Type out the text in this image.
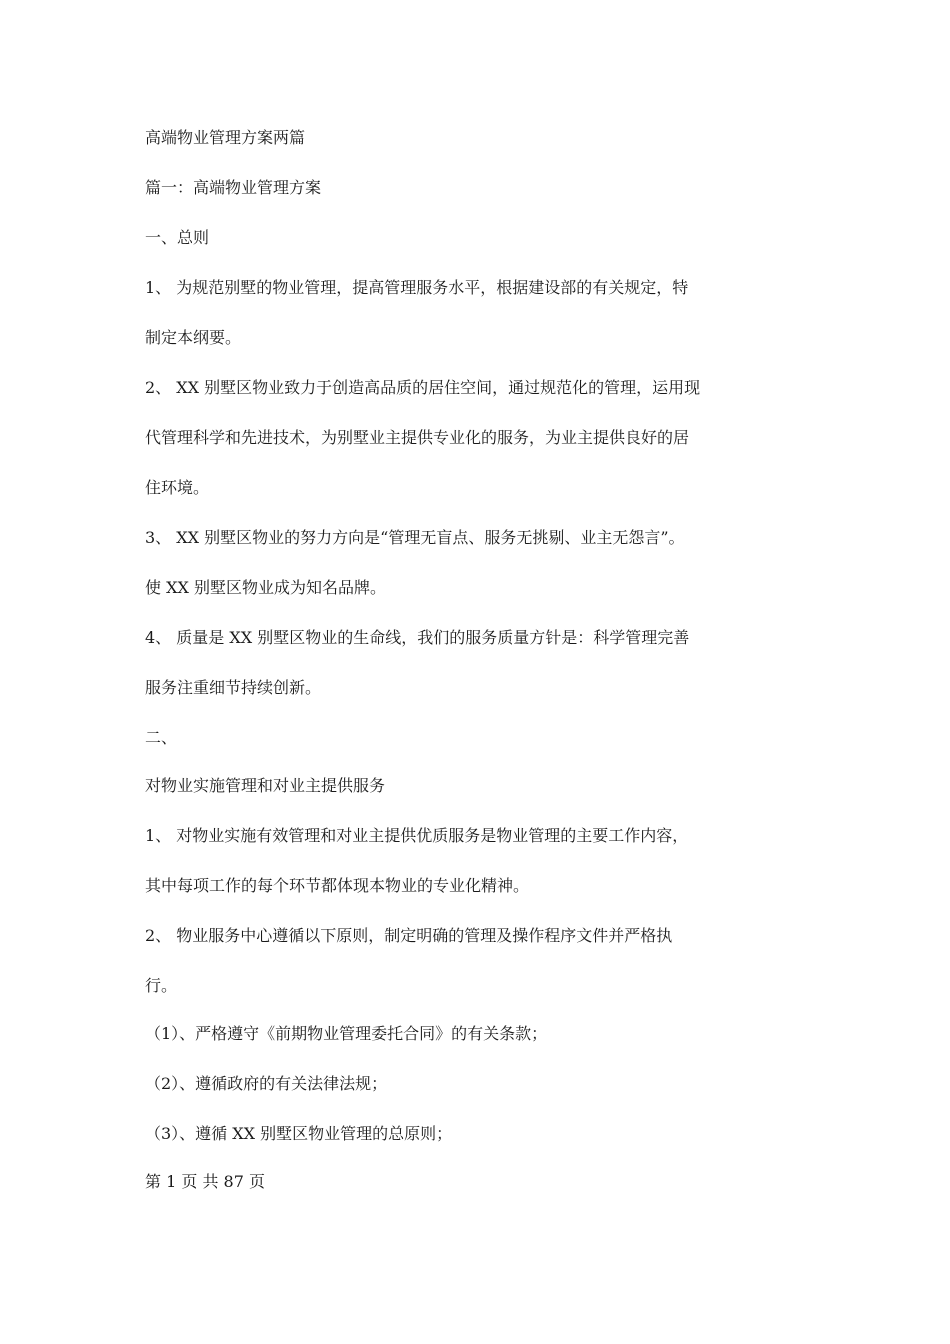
高端物业管理方案两篇

篇一：高端物业管理方案

一、总则

1、 为规范别墅的物业管理，提高管理服务水平，根据建设部的有关规定，特

制定本纲要。

2、 XX 别墅区物业致力于创造高品质的居住空间，通过规范化的管理，运用现

代管理科学和先进技术，为别墅业主提供专业化的服务，为业主提供良好的居

住环境。

3、 XX 别墅区物业的努力方向是“管理无盲点、服务无挑剔、业主无怨言”。

使 XX 别墅区物业成为知名品牌。

4、 质量是 XX 别墅区物业的生命线，我们的服务质量方针是：科学管理完善

服务注重细节持续创新。

二、

对物业实施管理和对业主提供服务

1、 对物业实施有效管理和对业主提供优质服务是物业管理的主要工作内容，

其中每项工作的每个环节都体现本物业的专业化精神。

2、 物业服务中心遵循以下原则，制定明确的管理及操作程序文件并严格执

行。

（1）、严格遵守《前期物业管理委托合同》的有关条款；

（2）、遵循政府的有关法律法规；

（3）、遵循 XX 别墅区物业管理的总原则；

第 1 页 共 87 页
